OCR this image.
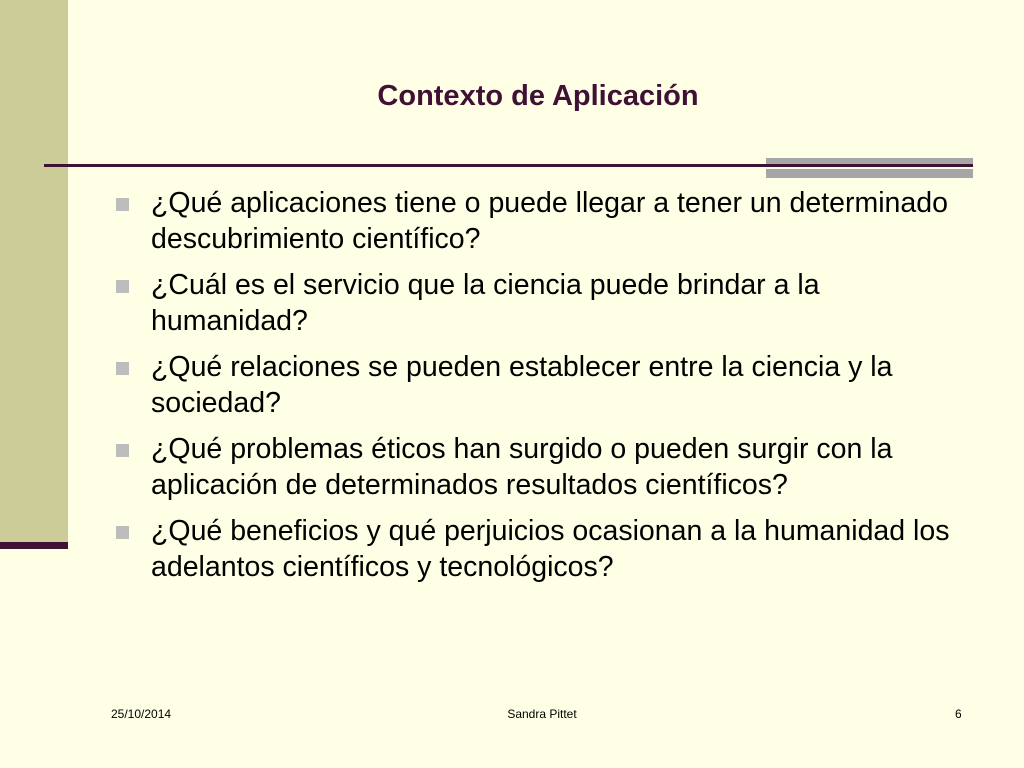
Contexto de Aplicación
¿Qué aplicaciones tiene o puede llegar a tener un determinado descubrimiento científico?
¿Cuál es el servicio que la ciencia puede brindar a la humanidad?
¿Qué relaciones se pueden establecer entre la ciencia y la sociedad?
¿Qué problemas éticos han surgido o pueden surgir con la aplicación de determinados resultados científicos?
¿Qué beneficios y qué perjuicios ocasionan a la humanidad los adelantos científicos y tecnológicos?
25/10/2014	Sandra Pittet	6
